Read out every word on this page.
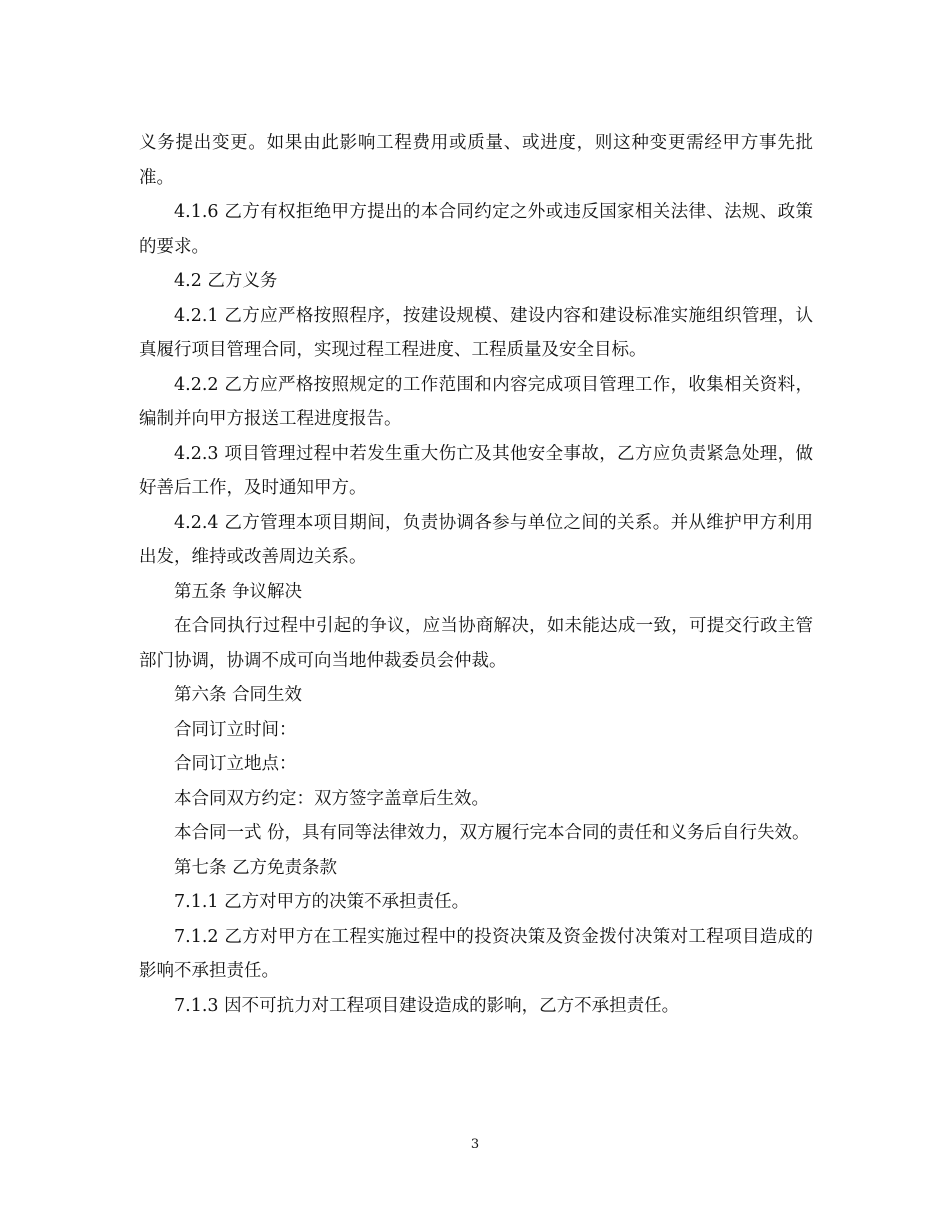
义务提出变更。如果由此影响工程费用或质量、或进度，则这种变更需经甲方事先批准。

4.1.6 乙方有权拒绝甲方提出的本合同约定之外或违反国家相关法律、法规、政策的要求。

4.2 乙方义务

4.2.1 乙方应严格按照程序，按建设规模、建设内容和建设标准实施组织管理，认真履行项目管理合同，实现过程工程进度、工程质量及安全目标。

4.2.2 乙方应严格按照规定的工作范围和内容完成项目管理工作，收集相关资料，编制并向甲方报送工程进度报告。

4.2.3 项目管理过程中若发生重大伤亡及其他安全事故，乙方应负责紧急处理，做好善后工作，及时通知甲方。

4.2.4 乙方管理本项目期间，负责协调各参与单位之间的关系。并从维护甲方利用出发，维持或改善周边关系。

第五条 争议解决

在合同执行过程中引起的争议，应当协商解决，如未能达成一致，可提交行政主管部门协调，协调不成可向当地仲裁委员会仲裁。

第六条 合同生效

合同订立时间：

合同订立地点：

本合同双方约定：双方签字盖章后生效。

本合同一式 份，具有同等法律效力，双方履行完本合同的责任和义务后自行失效。

第七条 乙方免责条款

7.1.1 乙方对甲方的决策不承担责任。

7.1.2 乙方对甲方在工程实施过程中的投资决策及资金拨付决策对工程项目造成的影响不承担责任。

7.1.3 因不可抗力对工程项目建设造成的影响，乙方不承担责任。

3
